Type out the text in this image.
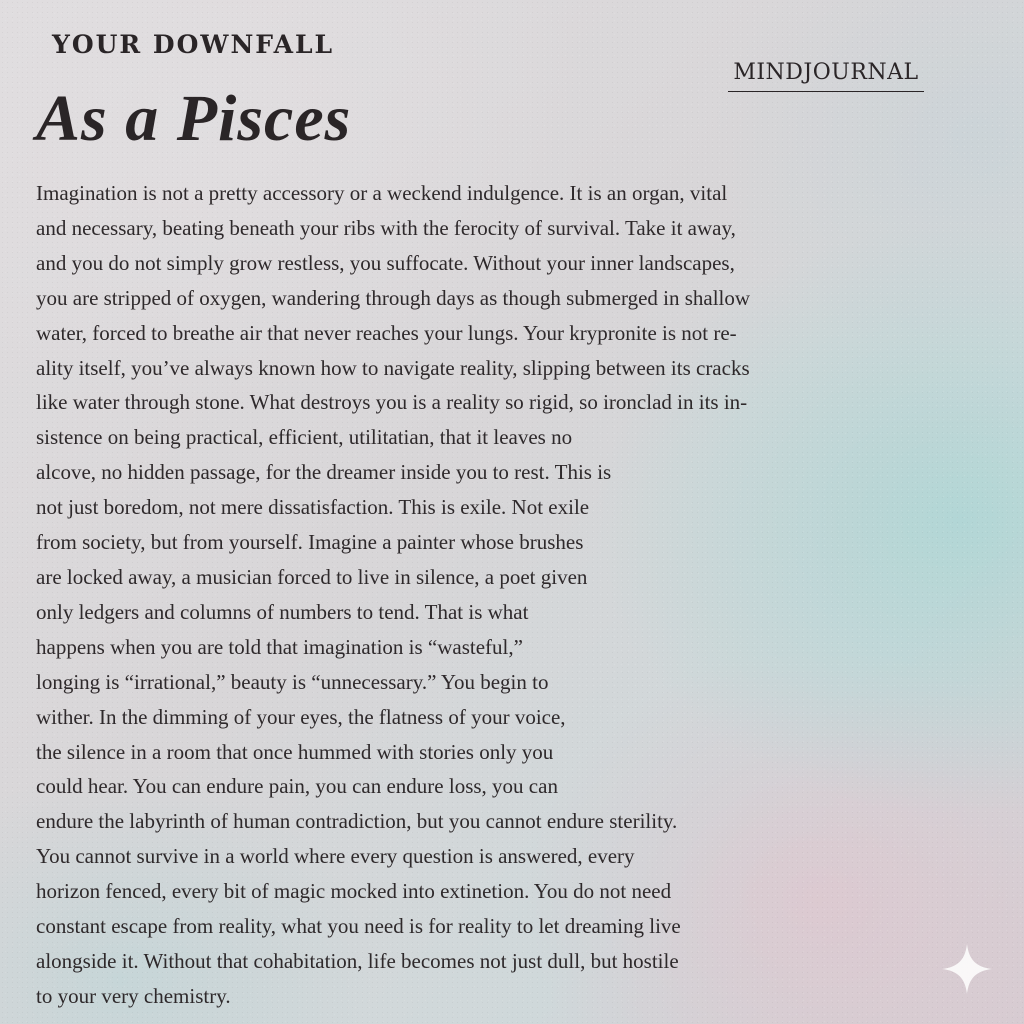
YOUR DOWNFALL
As a Pisces
MINDJOURNAL
Imagination is not a pretty accessory or a weckend indulgence. It is an organ, vital
and necessary, beating beneath your ribs with the ferocity of survival. Take it away,
and you do not simply grow restless, you suffocate. Without your inner landscapes,
you are stripped of oxygen, wandering through days as though submerged in shallow
water, forced to breathe air that never reaches your lungs. Your krypronite is not re-
ality itself, you’ve always known how to navigate reality, slipping between its cracks
like water through stone. What destroys you is a reality so rigid, so ironclad in its in-
sistence on being practical, efficient, utilitatian, that it leaves no
alcove, no hidden passage, for the dreamer inside you to rest. This is
not just boredom, not mere dissatisfaction. This is exile. Not exile
from society, but from yourself. Imagine a painter whose brushes
are locked away, a musician forced to live in silence, a poet given
only ledgers and columns of numbers to tend. That is what
happens when you are told that imagination is “wasteful,”
longing is “irrational,” beauty is “unnecessary.” You begin to
wither. In the dimming of your eyes, the flatness of your voice,
the silence in a room that once hummed with stories only you
could hear. You can endure pain, you can endure loss, you can
endure the labyrinth of human contradiction, but you cannot endure sterility.
You cannot survive in a world where every question is answered, every
horizon fenced, every bit of magic mocked into extinetion. You do not need
constant escape from reality, what you need is for reality to let dreaming live
alongside it. Without that cohabitation, life becomes not just dull, but hostile
to your very chemistry.
